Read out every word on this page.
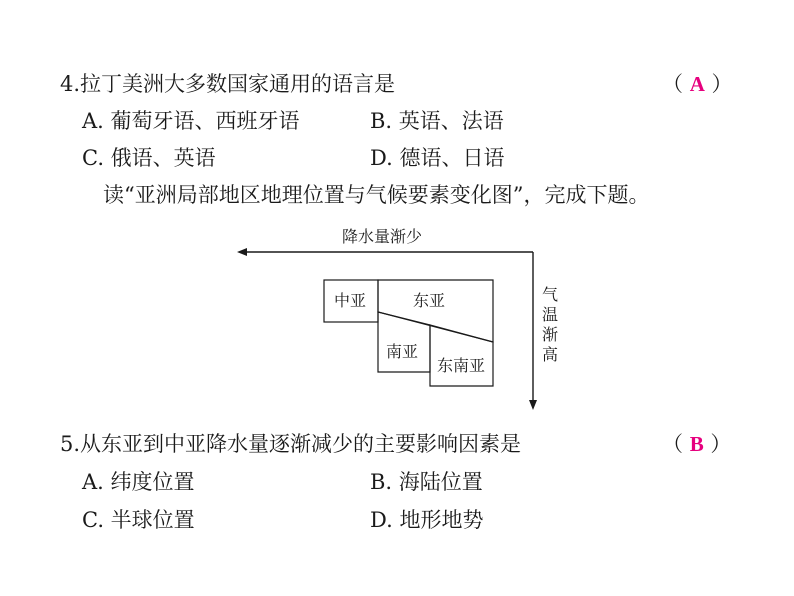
4.拉丁美洲大多数国家通用的语言是	（ A ）
A. 葡萄牙语、西班牙语	B. 英语、法语
C. 俄语、英语	D. 德语、日语
读“亚洲局部地区地理位置与气候要素变化图”，完成下题。
降水量渐少
气温渐高
中亚	东亚
南亚
东南亚
5.从东亚到中亚降水量逐渐减少的主要影响因素是	（ B ）
A. 纬度位置	B. 海陆位置
C. 半球位置	D. 地形地势
